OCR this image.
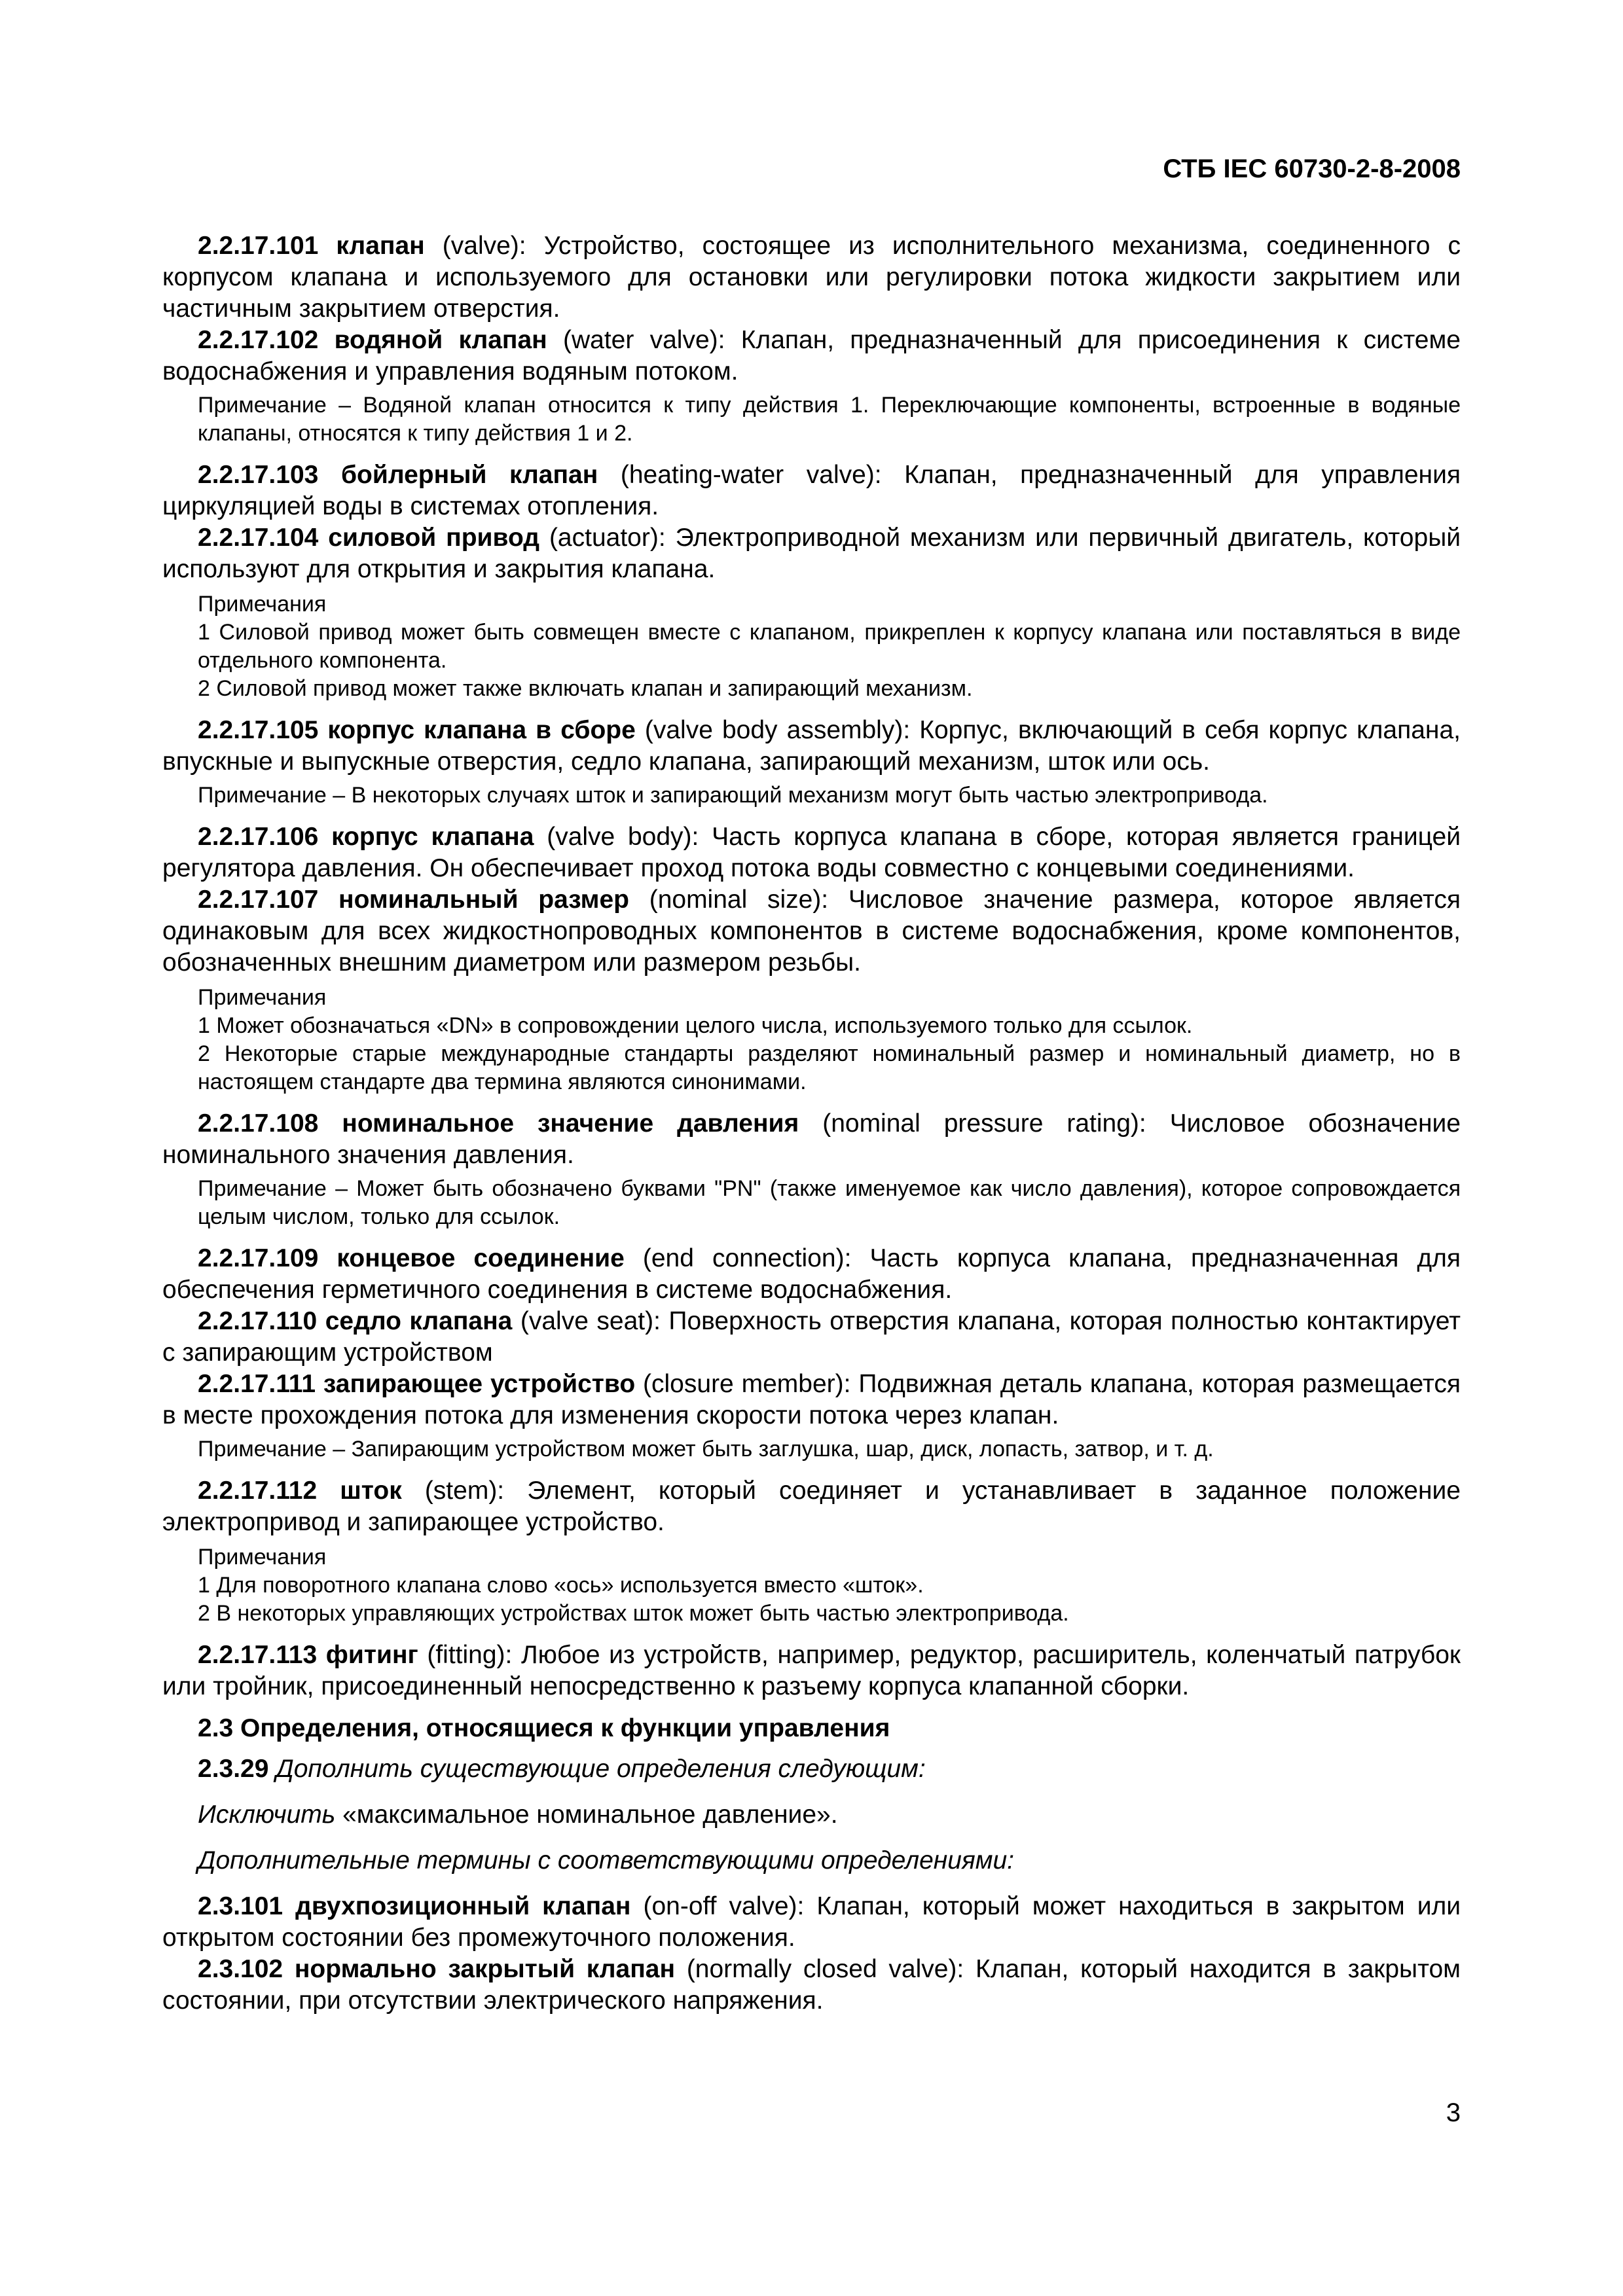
СТБ IEC 60730-2-8-2008

2.2.17.101 клапан (valve): Устройство, состоящее из исполнительного механизма, соединенного с корпусом клапана и используемого для остановки или регулировки потока жидкости закрытием или частичным закрытием отверстия.

2.2.17.102 водяной клапан (water valve): Клапан, предназначенный для присоединения к системе водоснабжения и управления водяным потоком.

Примечание – Водяной клапан относится к типу действия 1. Переключающие компоненты, встроенные в водяные клапаны, относятся к типу действия 1 и 2.

2.2.17.103 бойлерный клапан (heating-water valve): Клапан, предназначенный для управления циркуляцией воды в системах отопления.

2.2.17.104 силовой привод (actuator): Электроприводной механизм или первичный двигатель, который используют для открытия и закрытия клапана.

Примечания

1 Силовой привод может быть совмещен вместе с клапаном, прикреплен к корпусу клапана или поставляться в виде отдельного компонента.

2 Силовой привод может также включать клапан и запирающий механизм.

2.2.17.105 корпус клапана в сборе (valve body assembly): Корпус, включающий в себя корпус клапана, впускные и выпускные отверстия, седло клапана, запирающий механизм, шток или ось.

Примечание – В некоторых случаях шток и запирающий механизм могут быть частью электропривода.

2.2.17.106 корпус клапана (valve body): Часть корпуса клапана в сборе, которая является границей регулятора давления. Он обеспечивает проход потока воды совместно с концевыми соединениями.

2.2.17.107 номинальный размер (nominal size): Числовое значение размера, которое является одинаковым для всех жидкостнопроводных компонентов в системе водоснабжения, кроме компонентов, обозначенных внешним диаметром или размером резьбы.

Примечания

1 Может обозначаться «DN» в сопровождении целого числа, используемого только для ссылок.

2 Некоторые старые международные стандарты разделяют номинальный размер и номинальный диаметр, но в настоящем стандарте два термина являются синонимами.

2.2.17.108 номинальное значение давления (nominal pressure rating): Числовое обозначение номинального значения давления.

Примечание – Может быть обозначено буквами "PN" (также именуемое как число давления), которое сопровождается целым числом, только для ссылок.

2.2.17.109 концевое соединение (end connection): Часть корпуса клапана, предназначенная для обеспечения герметичного соединения в системе водоснабжения.

2.2.17.110 седло клапана (valve seat): Поверхность отверстия клапана, которая полностью контактирует с запирающим устройством

2.2.17.111 запирающее устройство (closure member): Подвижная деталь клапана, которая размещается в месте прохождения потока для изменения скорости потока через клапан.

Примечание – Запирающим устройством может быть заглушка, шар, диск, лопасть, затвор, и т. д.

2.2.17.112 шток (stem): Элемент, который соединяет и устанавливает в заданное положение электропривод и запирающее устройство.

Примечания

1 Для поворотного клапана слово «ось» используется вместо «шток».

2 В некоторых управляющих устройствах шток может быть частью электропривода.

2.2.17.113 фитинг (fitting): Любое из устройств, например, редуктор, расширитель, коленчатый патрубок или тройник, присоединенный непосредственно к разъему корпуса клапанной сборки.

2.3 Определения, относящиеся к функции управления

2.3.29 Дополнить существующие определения следующим:

Исключить «максимальное номинальное давление».

Дополнительные термины с соответствующими определениями:

2.3.101 двухпозиционный клапан (on-off valve): Клапан, который может находиться в закрытом или открытом состоянии без промежуточного положения.

2.3.102 нормально закрытый клапан (normally closed valve): Клапан, который находится в закрытом состоянии, при отсутствии электрического напряжения.

3
